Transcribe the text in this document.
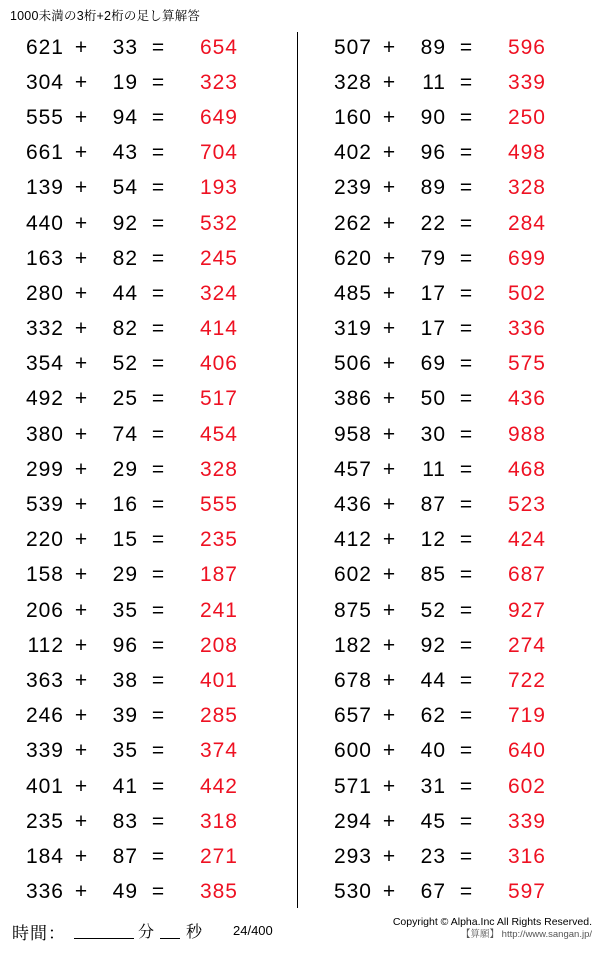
1000未満の3桁+2桁の足し算解答
621 +	33 =	654
304 +	19 =	323
555 +	94 =	649
661 +	43 =	704
139 +	54 =	193
440 +	92 =	532
163 +	82 =	245
280 +	44 =	324
332 +	82 =	414
354 +	52 =	406
492 +	25 =	517
380 +	74 =	454
299 +	29 =	328
539 +	16 =	555
220 +	15 =	235
158 +	29 =	187
206 +	35 =	241
112 +	96 =	208
363 +	38 =	401
246 +	39 =	285
339 +	35 =	374
401 +	41 =	442
235 +	83 =	318
184 +	87 =	271
336 +	49 =	385
507 +	89 =	596
328 +	11 =	339
160 +	90 =	250
402 +	96 =	498
239 +	89 =	328
262 +	22 =	284
620 +	79 =	699
485 +	17 =	502
319 +	17 =	336
506 +	69 =	575
386 +	50 =	436
958 +	30 =	988
457 +	11 =	468
436 +	87 =	523
412 +	12 =	424
602 +	85 =	687
875 +	52 =	927
182 +	92 =	274
678 +	44 =	722
657 +	62 =	719
600 +	40 =	640
571 +	31 =	602
294 +	45 =	339
293 +	23 =	316
530 +	67 =	597
時間：	分 秒 24/400
Copyright © Alpha.Inc All Rights Reserved.
【算願】 http://www.sangan.jp/
